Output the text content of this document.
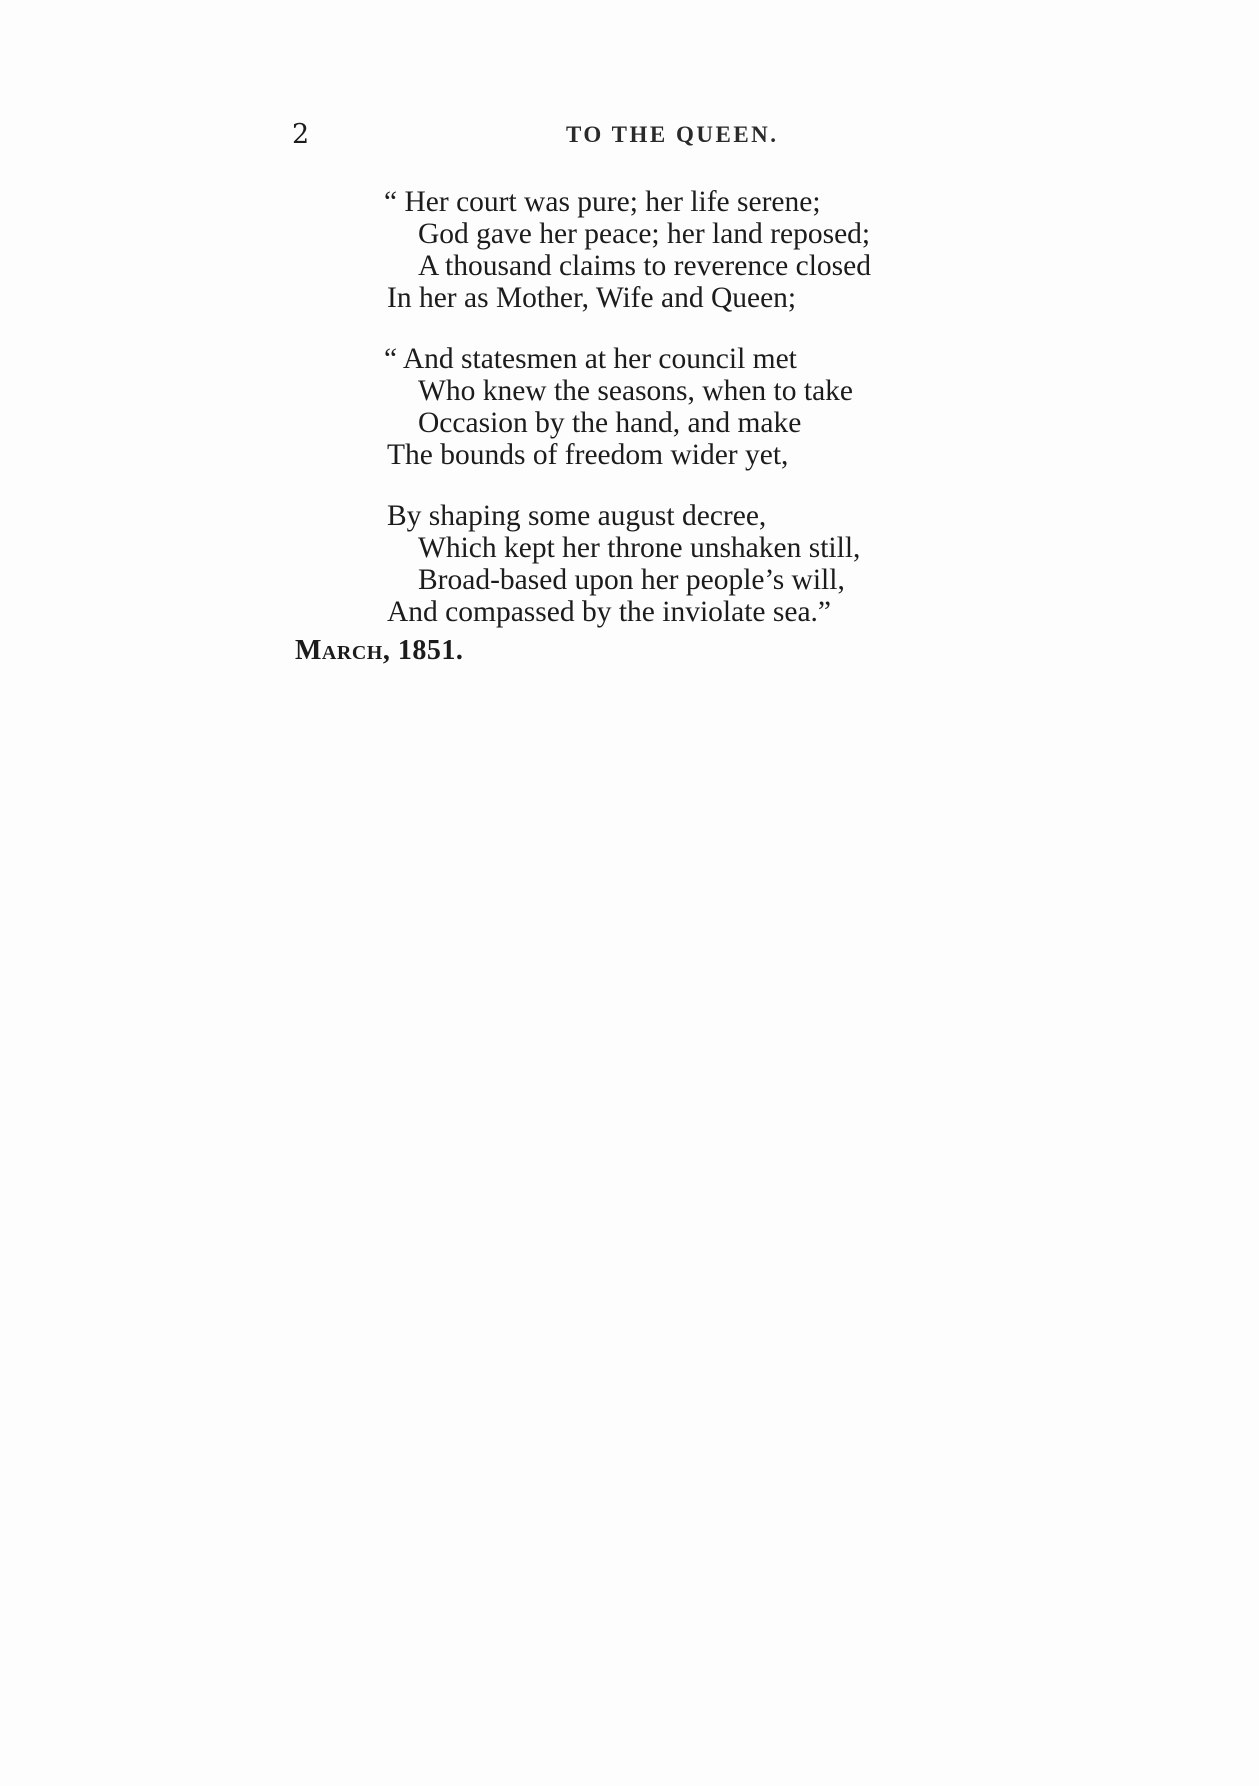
2	TO THE QUEEN.
“ Her court was pure; her life serene;
God gave her peace; her land reposed;
A thousand claims to reverence closed
In her as Mother, Wife and Queen;
“ And statesmen at her council met
Who knew the seasons, when to take
Occasion by the hand, and make
The bounds of freedom wider yet,
By shaping some august decree,
Which kept her throne unshaken still,
Broad-based upon her people’s will,
And compassed by the inviolate sea.”
March, 1851.
